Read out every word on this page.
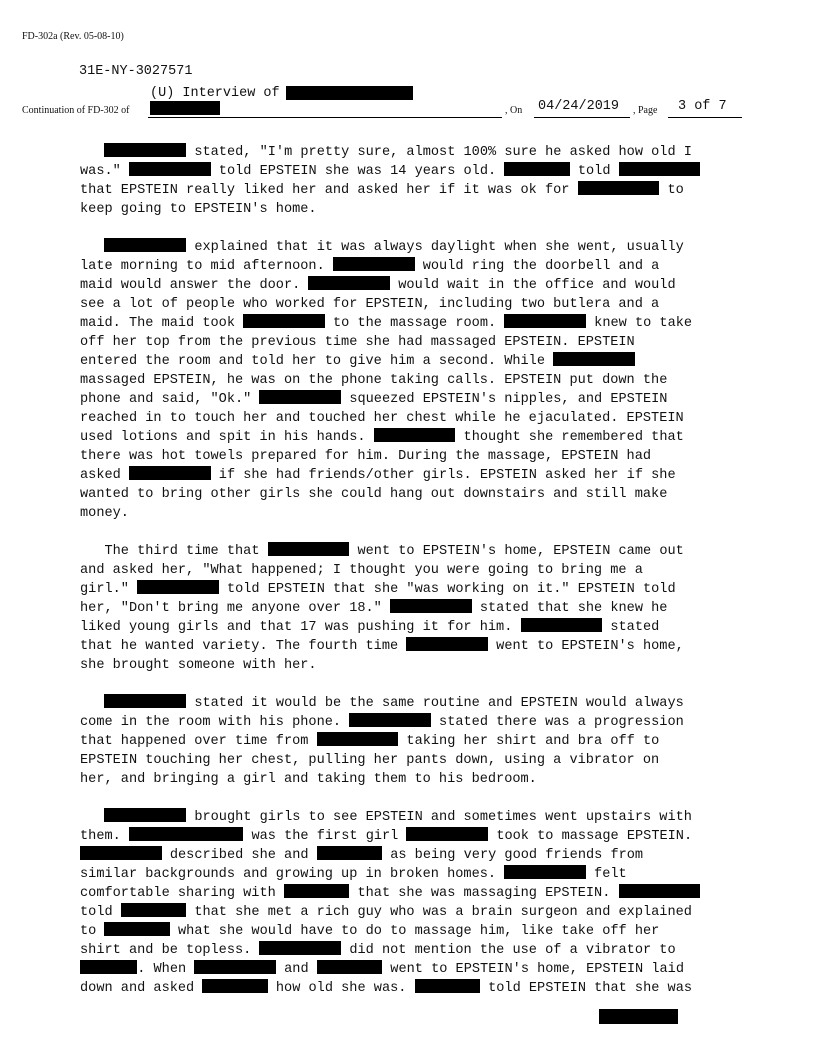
FD-302a (Rev. 05-08-10)
31E-NY-3027571
(U) Interview of
Continuation of FD-302 of	, On 04/24/2019 , Page 3 of 7
stated, "I'm pretty sure, almost 100% sure he asked how old I
was."	told EPSTEIN she was 14 years old.	told
that EPSTEIN really liked her and asked her if it was ok for	to
keep going to EPSTEIN's home.
explained that it was always daylight when she went, usually
late morning to mid afternoon.	would ring the doorbell and a
maid would answer the door.	would wait in the office and would
see a lot of people who worked for EPSTEIN, including two butlera and a
maid. The maid took	to the massage room.	knew to take
off her top from the previous time she had massaged EPSTEIN. EPSTEIN
entered the room and told her to give him a second. While
massaged EPSTEIN, he was on the phone taking calls. EPSTEIN put down the
phone and said, "Ok."	squeezed EPSTEIN's nipples, and EPSTEIN
reached in to touch her and touched her chest while he ejaculated. EPSTEIN
used lotions and spit in his hands.	thought she remembered that
there was hot towels prepared for him. During the massage, EPSTEIN had
asked	if she had friends/other girls. EPSTEIN asked her if she
wanted to bring other girls she could hang out downstairs and still make
money.
The third time that	went to EPSTEIN's home, EPSTEIN came out
and asked her, "What happened; I thought you were going to bring me a
girl."	told EPSTEIN that she "was working on it." EPSTEIN told
her, "Don't bring me anyone over 18."	stated that she knew he
liked young girls and that 17 was pushing it for him.	stated
that he wanted variety. The fourth time	went to EPSTEIN's home,
she brought someone with her.
stated it would be the same routine and EPSTEIN would always
come in the room with his phone.	stated there was a progression
that happened over time from	taking her shirt and bra off to
EPSTEIN touching her chest, pulling her pants down, using a vibrator on
her, and bringing a girl and taking them to his bedroom.
brought girls to see EPSTEIN and sometimes went upstairs with
them.	was the first girl	took to massage EPSTEIN.
described she and	as being very good friends from
similar backgrounds and growing up in broken homes.	felt
comfortable sharing with	that she was massaging EPSTEIN.
told	that she met a rich guy who was a brain surgeon and explained
to	what she would have to do to massage him, like take off her
shirt and be topless.	did not mention the use of a vibrator to
. When	and	went to EPSTEIN's home, EPSTEIN laid
down and asked	how old she was.	told EPSTEIN that she was
